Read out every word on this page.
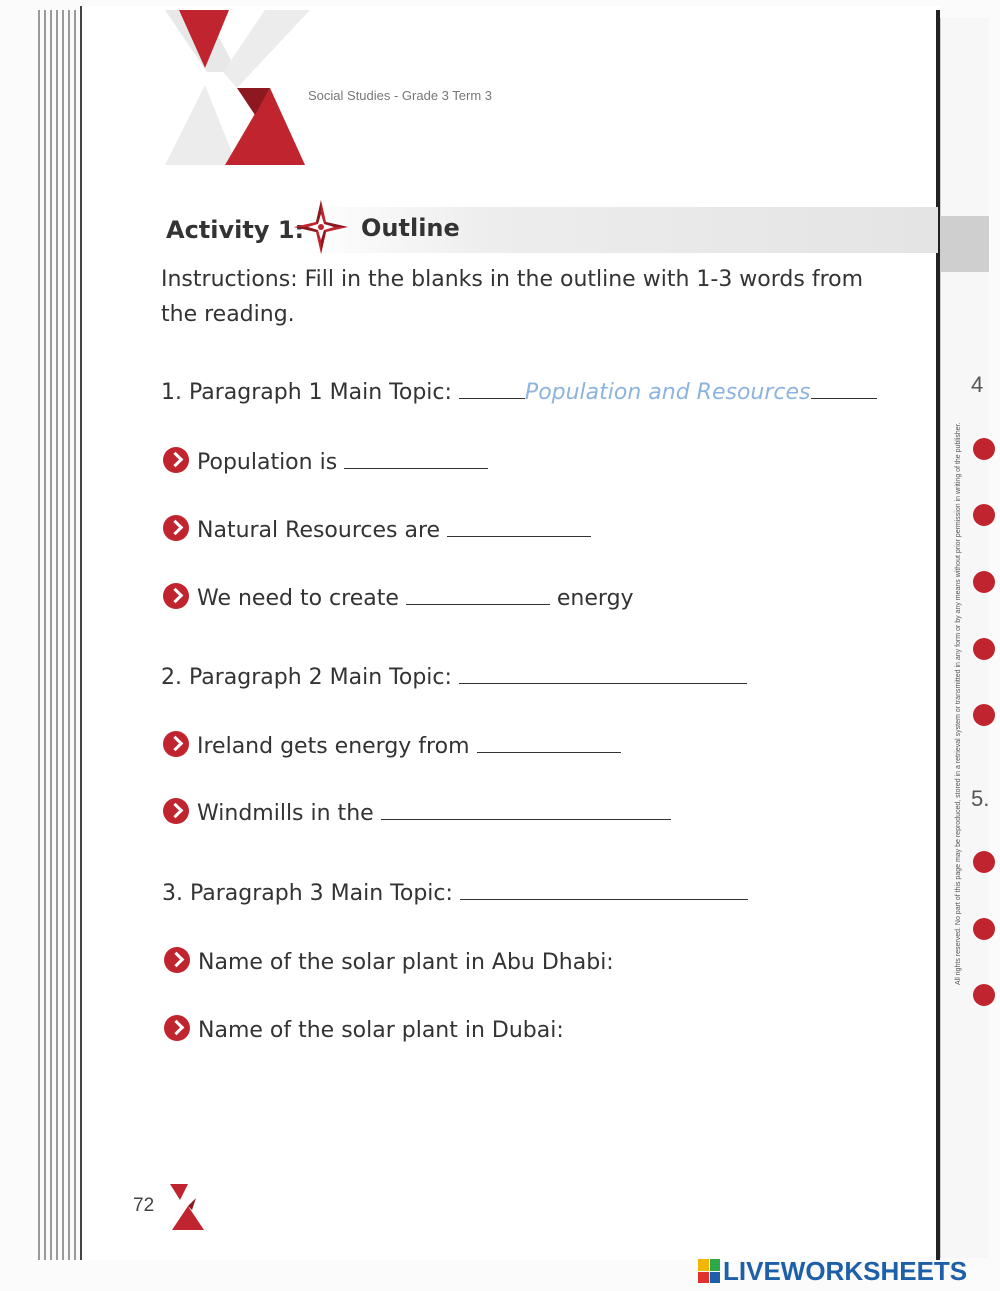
4
5.
All rights reserved. No part of this page may be reproduced, stored in a retrieval system or transmitted in any form or by any means without prior permission in writing of the publisher.
Social Studies - Grade 3 Term 3
Activity 1: Outline
Instructions: Fill in the blanks in the outline with 1-3 words from the reading.
1. Paragraph 1 Main Topic:	Population and Resources
Population is
Natural Resources are
We need to create	energy
2. Paragraph 2 Main Topic:
Ireland gets energy from
Windmills in the
3. Paragraph 3 Main Topic:
Name of the solar plant in Abu Dhabi:
Name of the solar plant in Dubai:
72
LIVEWORKSHEETS
